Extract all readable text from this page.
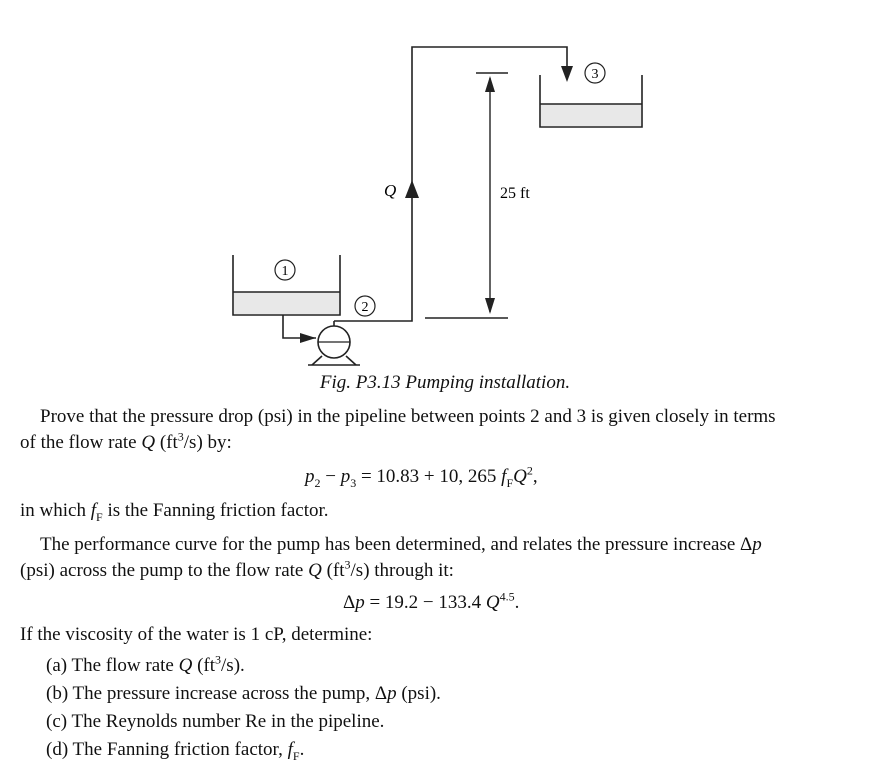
1
2
Q	25 ft
3
Fig. P3.13 Pumping installation.
Prove that the pressure drop (psi) in the pipeline between points 2 and 3 is given closely in terms
of the flow rate Q $(ft^3/s)$ by:
$p_2 - p_3 = 10.83 + 10$, 265 $f_FQ^2$,
in which $f_F$ is the Fanning friction factor.
The performance curve for the pump has been determined, and relates the pressure increase Δp
(psi) across the pump to the flow rate Q $(ft^3/s)$ through it:
Δp = 19.2 − 133.4 $Q^{4.5}$.
If the viscosity of the water is 1 cP, determine:
(a) The flow rate Q $(ft^3/s)$.
(b) The pressure increase across the pump, Δp (psi).
(c) The Reynolds number Re in the pipeline.
(d) The Fanning friction factor, $f_F$.
